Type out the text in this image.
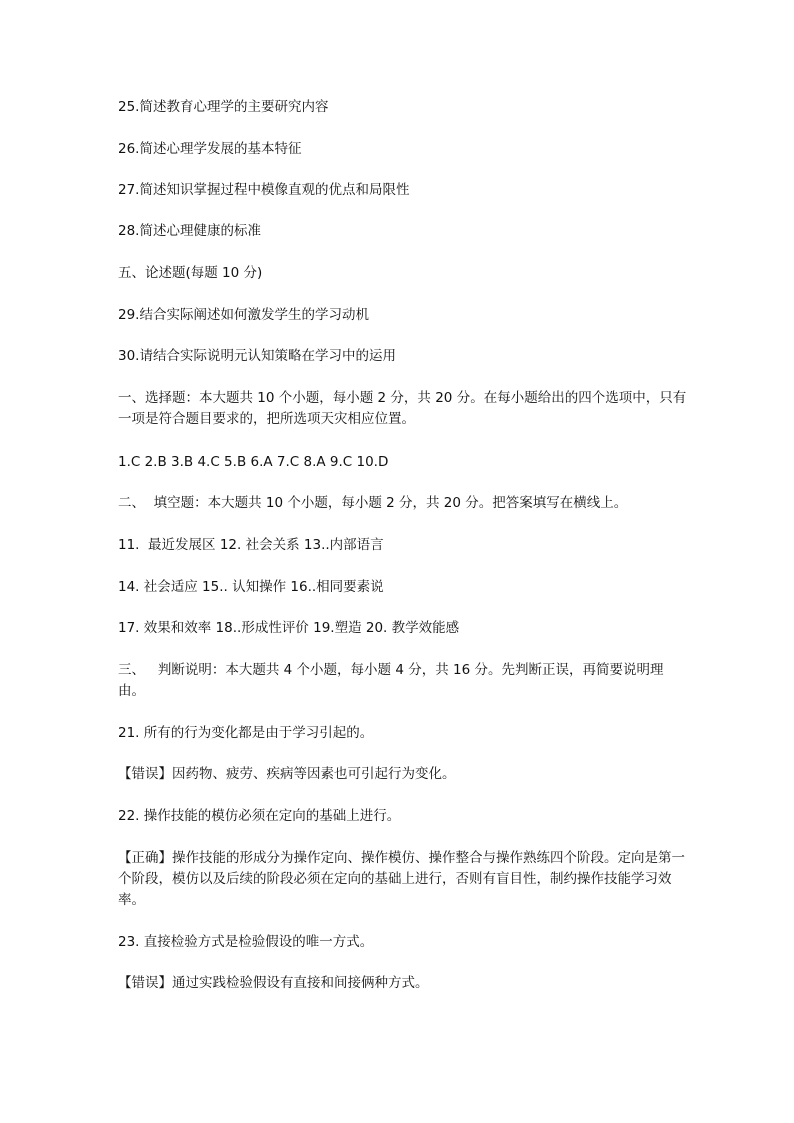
25.简述教育心理学的主要研究内容

26.简述心理学发展的基本特征

27.简述知识掌握过程中模像直观的优点和局限性

28.简述心理健康的标准

五、论述题(每题 10 分)

29.结合实际阐述如何激发学生的学习动机

30.请结合实际说明元认知策略在学习中的运用

一、选择题：本大题共 10 个小题，每小题 2 分，共 20 分。在每小题给出的四个选项中，只有一项是符合题目要求的，把所选项天灾相应位置。

1.C 2.B 3.B 4.C 5.B 6.A 7.C 8.A 9.C 10.D

二、  填空题：本大题共 10 个小题，每小题 2 分，共 20 分。把答案填写在横线上。

11.  最近发展区 12. 社会关系 13..内部语言

14. 社会适应 15.. 认知操作 16..相同要素说

17. 效果和效率 18..形成性评价 19.塑造 20. 教学效能感

三、   判断说明：本大题共 4 个小题，每小题 4 分，共 16 分。先判断正误，再简要说明理由。

21. 所有的行为变化都是由于学习引起的。

【错误】因药物、疲劳、疾病等因素也可引起行为变化。

22. 操作技能的模仿必须在定向的基础上进行。

【正确】操作技能的形成分为操作定向、操作模仿、操作整合与操作熟练四个阶段。定向是第一个阶段，模仿以及后续的阶段必须在定向的基础上进行，否则有盲目性，制约操作技能学习效率。

23. 直接检验方式是检验假设的唯一方式。

【错误】通过实践检验假设有直接和间接俩种方式。
